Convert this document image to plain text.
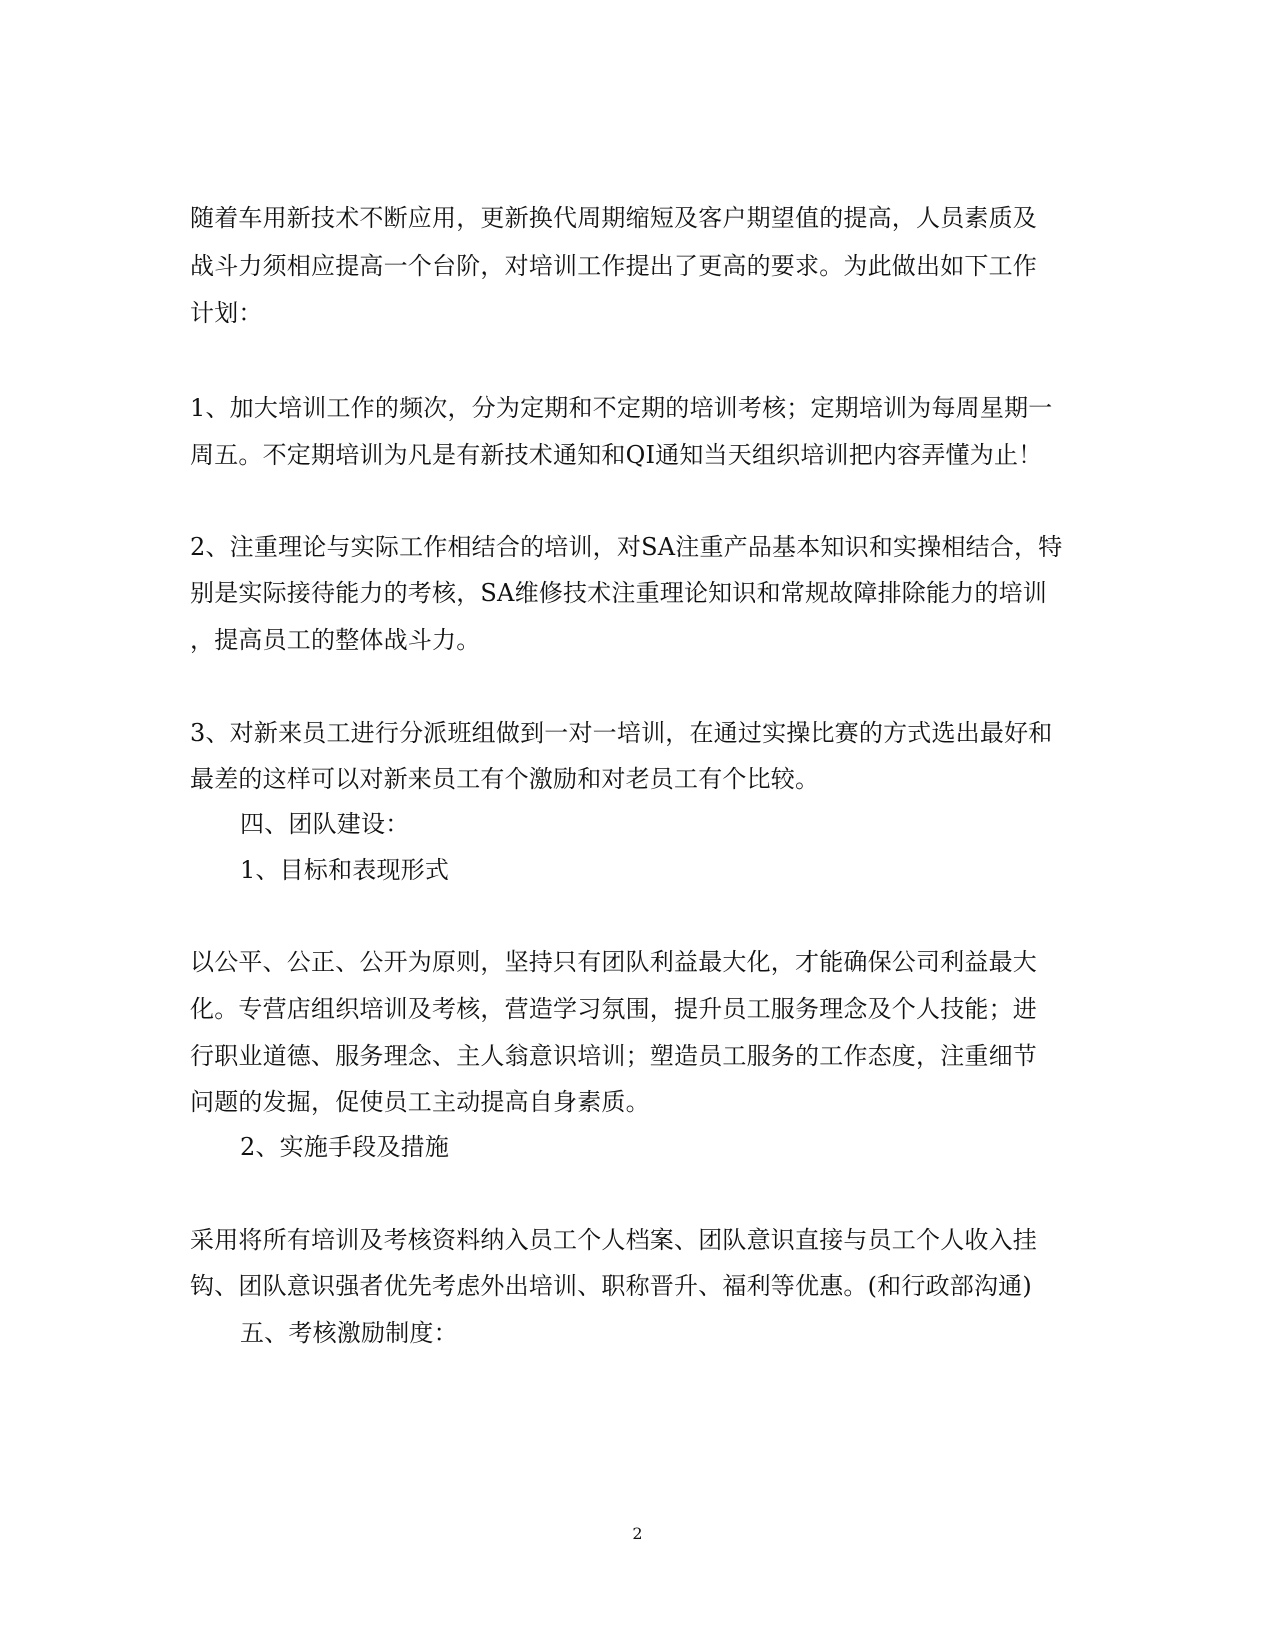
随着车用新技术不断应用，更新换代周期缩短及客户期望值的提高，人员素质及
战斗力须相应提高一个台阶，对培训工作提出了更高的要求。为此做出如下工作
计划：
1、加大培训工作的频次，分为定期和不定期的培训考核；定期培训为每周星期一
周五。不定期培训为凡是有新技术通知和QI通知当天组织培训把内容弄懂为止！
2、注重理论与实际工作相结合的培训，对SA注重产品基本知识和实操相结合，特
别是实际接待能力的考核，SA维修技术注重理论知识和常规故障排除能力的培训
，提高员工的整体战斗力。
3、对新来员工进行分派班组做到一对一培训，在通过实操比赛的方式选出最好和
最差的这样可以对新来员工有个激励和对老员工有个比较。
四、团队建设：
1、目标和表现形式
以公平、公正、公开为原则，坚持只有团队利益最大化，才能确保公司利益最大
化。专营店组织培训及考核，营造学习氛围，提升员工服务理念及个人技能；进
行职业道德、服务理念、主人翁意识培训；塑造员工服务的工作态度，注重细节
问题的发掘，促使员工主动提高自身素质。
2、实施手段及措施
采用将所有培训及考核资料纳入员工个人档案、团队意识直接与员工个人收入挂
钩、团队意识强者优先考虑外出培训、职称晋升、福利等优惠。(和行政部沟通)
五、考核激励制度：
2
